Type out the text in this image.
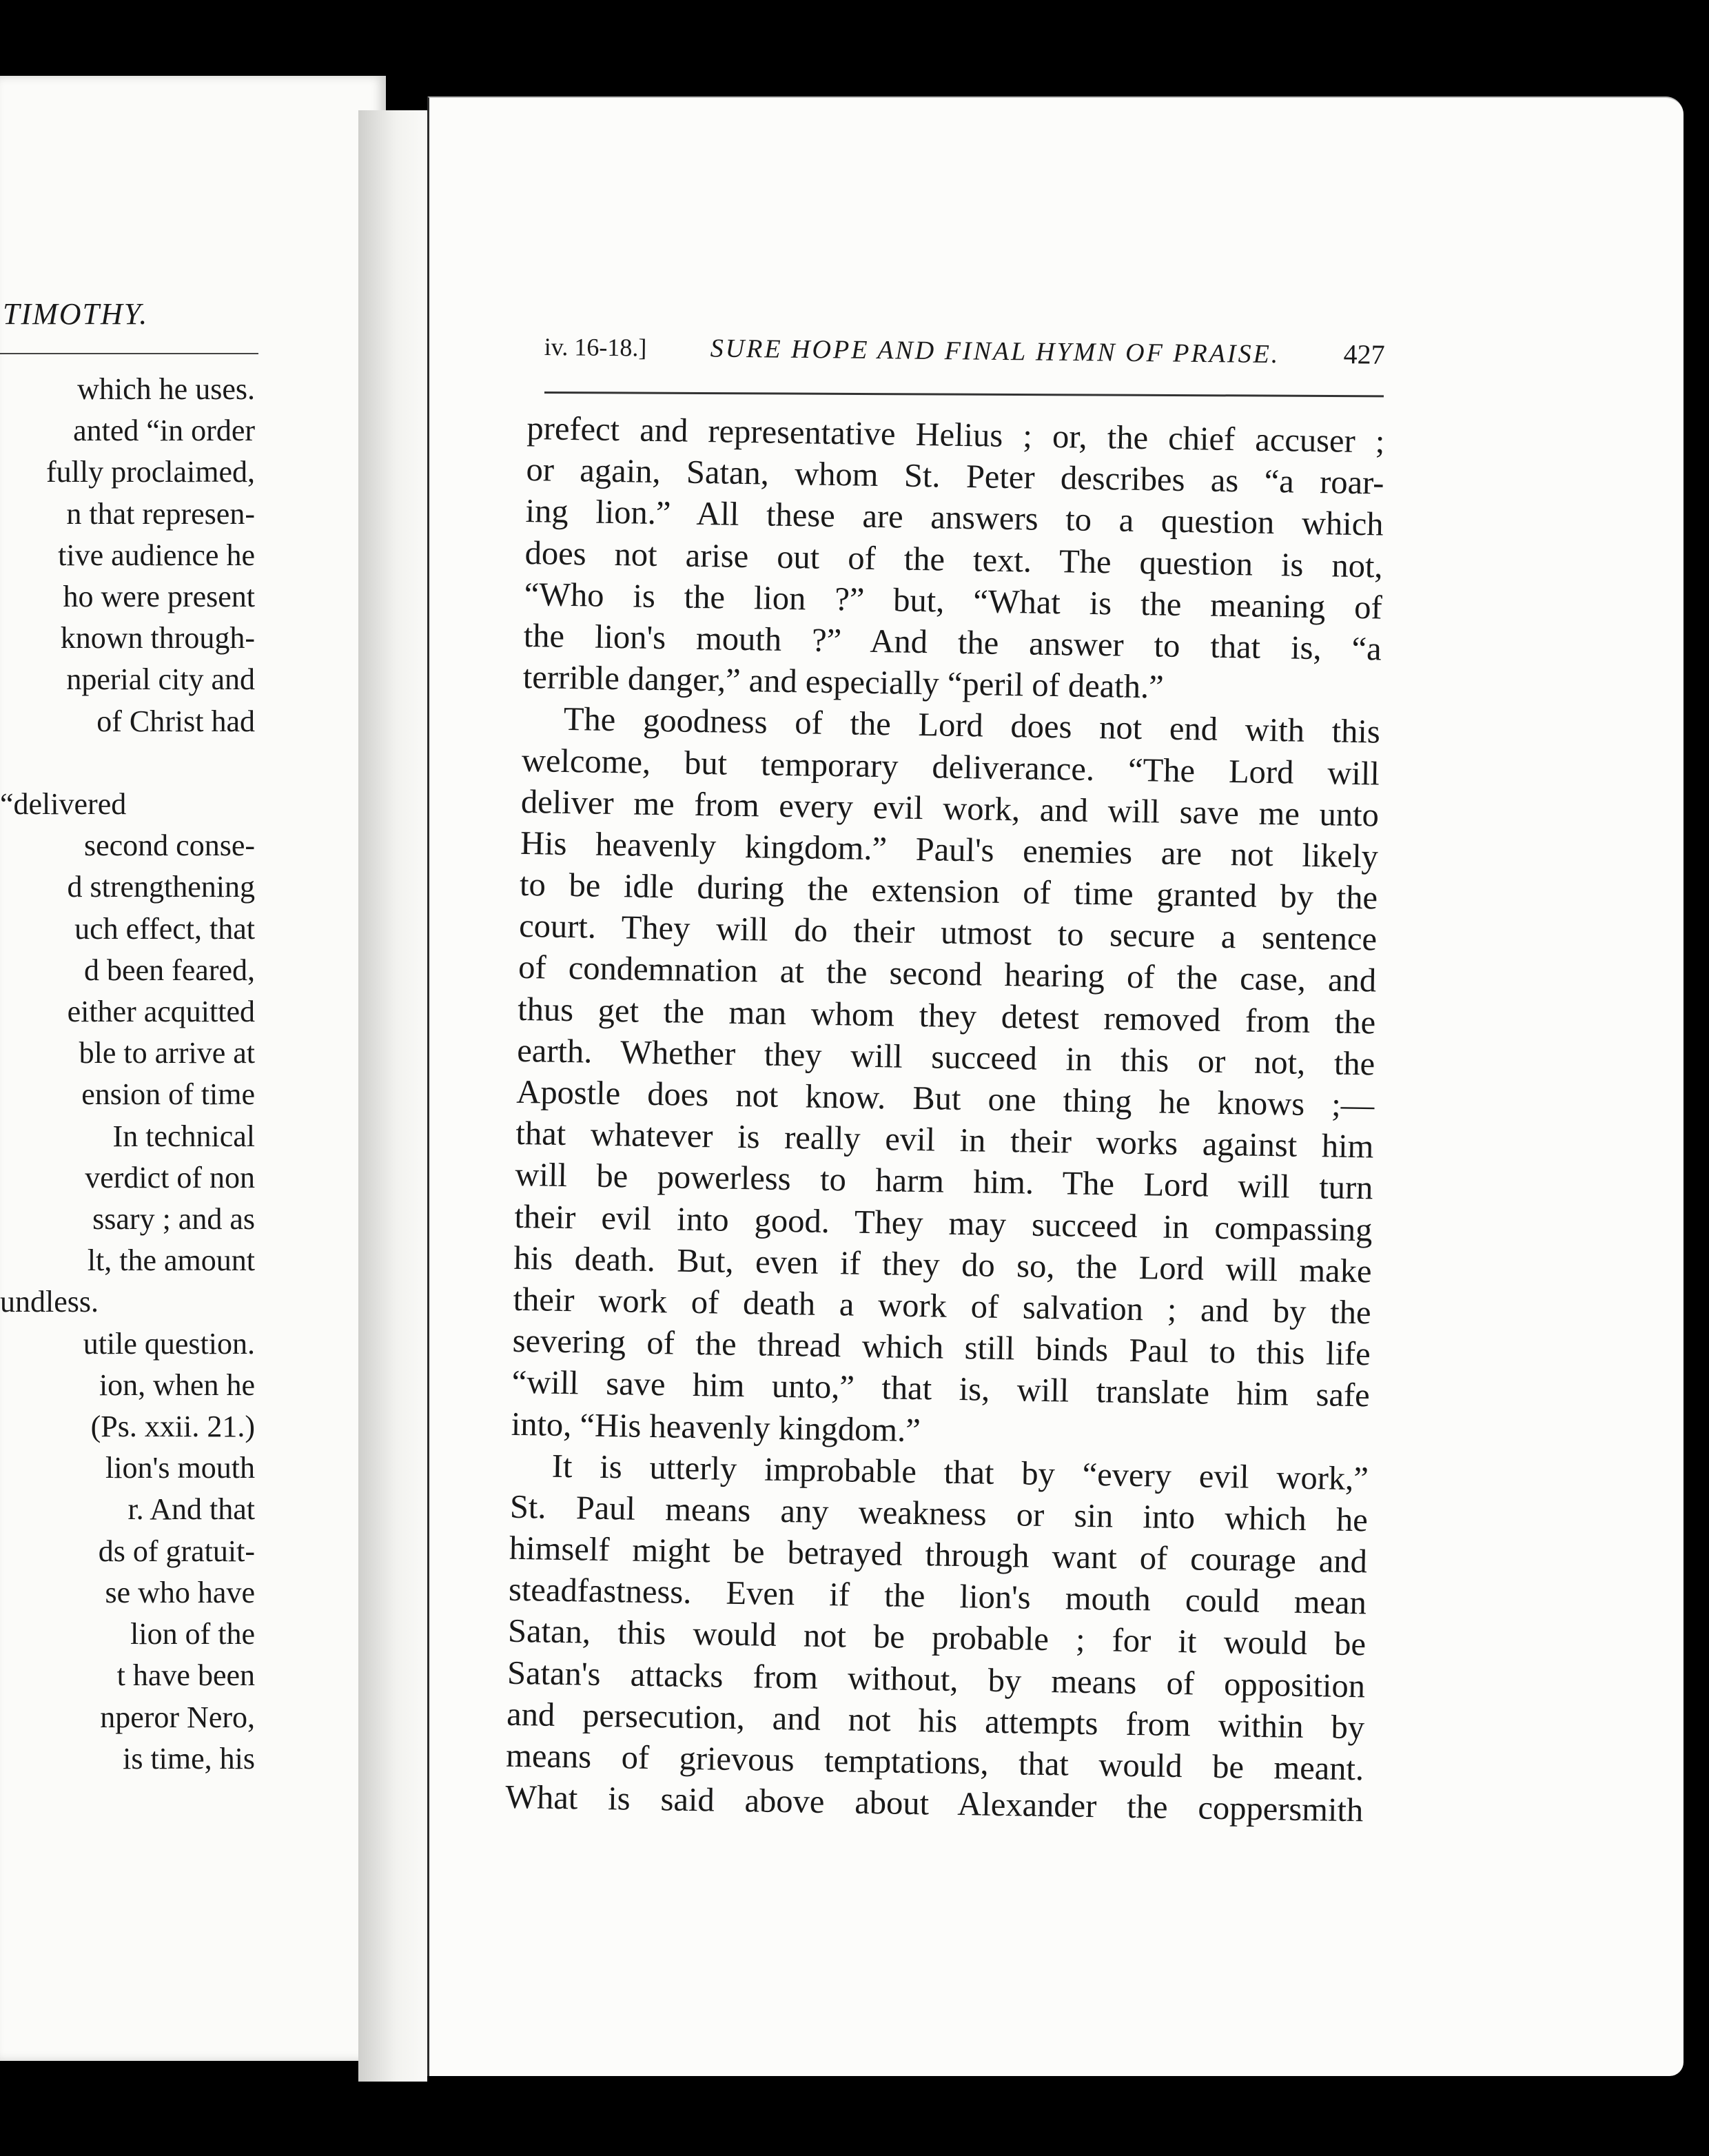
TIMOTHY.
which he uses.
anted “in order
fully proclaimed,
n that represen-
tive audience he
ho were present
known through-
nperial city and
of Christ had

“delivered
second conse-
d strengthening
uch effect, that
d been feared,
either acquitted
ble to arrive at
ension of time
In technical
verdict of non
ssary ; and as
lt, the amount
undless.
utile question.
ion, when he
(Ps. xxii. 21.)
lion's mouth
r. And that
ds of gratuit-
se who have
lion of the
t have been
nperor Nero,
is time, his
iv. 16-18.] SURE HOPE AND FINAL HYMN OF PRAISE. 427
prefect and representative Helius ; or, the chief accuser ;
or again, Satan, whom St. Peter describes as “a roar-
ing lion.” All these are answers to a question which
does not arise out of the text. The question is not,
“Who is the lion ?” but, “What is the meaning of
the lion's mouth ?” And the answer to that is, “a
terrible danger,” and especially “peril of death.”
The goodness of the Lord does not end with this
welcome, but temporary deliverance. “The Lord will
deliver me from every evil work, and will save me unto
His heavenly kingdom.” Paul's enemies are not likely
to be idle during the extension of time granted by the
court. They will do their utmost to secure a sentence
of condemnation at the second hearing of the case, and
thus get the man whom they detest removed from the
earth. Whether they will succeed in this or not, the
Apostle does not know. But one thing he knows ;—
that whatever is really evil in their works against him
will be powerless to harm him. The Lord will turn
their evil into good. They may succeed in compassing
his death. But, even if they do so, the Lord will make
their work of death a work of salvation ; and by the
severing of the thread which still binds Paul to this life
“will save him unto,” that is, will translate him safe
into, “His heavenly kingdom.”
It is utterly improbable that by “every evil work,”
St. Paul means any weakness or sin into which he
himself might be betrayed through want of courage and
steadfastness. Even if the lion's mouth could mean
Satan, this would not be probable ; for it would be
Satan's attacks from without, by means of opposition
and persecution, and not his attempts from within by
means of grievous temptations, that would be meant.
What is said above about Alexander the coppersmith
